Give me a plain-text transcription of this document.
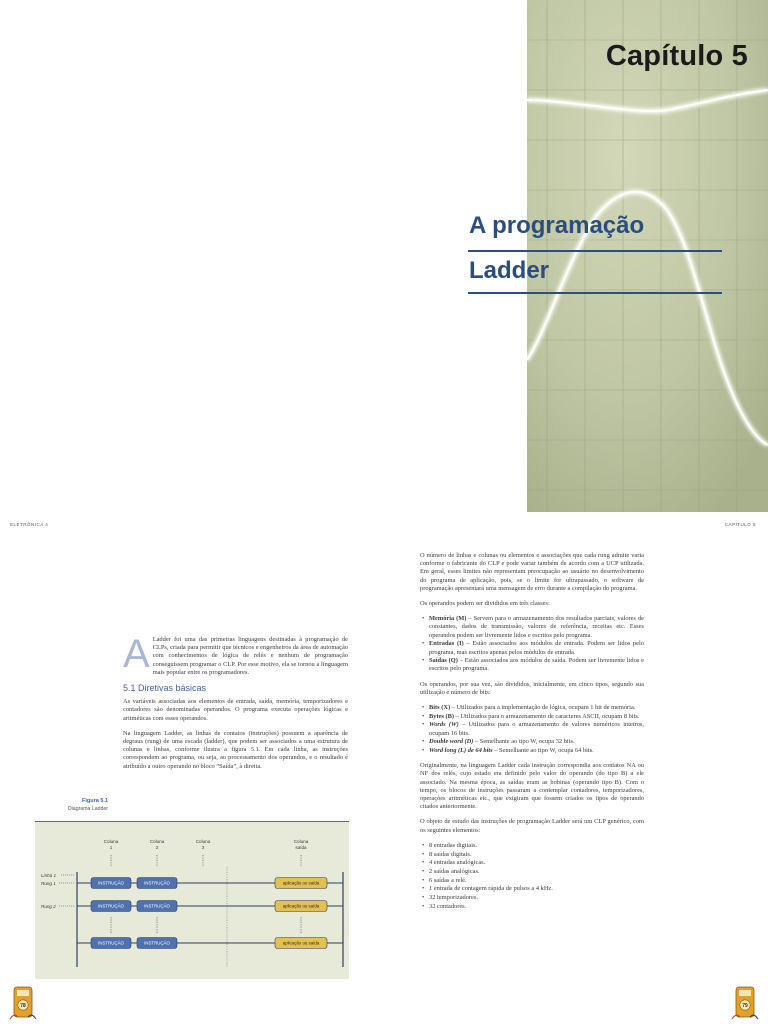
Capítulo 5
A programação
Ladder
ELETRÔNICA 4	CAPÍTULO 5

A Ladder foi uma das primeiras linguagens destinadas à programação de CLPs, criada para permitir que técnicos e engenheiros da área de automação com conhecimentos de lógica de relés e nenhum de programação conseguissem programar o CLP. Por esse motivo, ela se tornou a linguagem mais popular entre os programadores.

5.1 Diretivas básicas

As variáveis associadas aos elementos de entrada, saída, memória, temporizadores e contadores são denominadas operandos. O programa executa operações lógicas e aritméticas com esses operandos.

Na linguagem Ladder, as linhas de contatos (instruções) possuem a aparência de degraus (rung) de uma escada (ladder), que podem ser associados a uma estrutura de colunas e linhas, conforme ilustra a figura 5.1. Em cada linha, as instruções correspondem ao programa, ou seja, ao processamento dos operandos, e o resultado é atribuído a outro operando no bloco “Saída”, à direita.

Figura 5.1
Diagrama Ladder
Coluna 1
Coluna 2
Coluna 3
Coluna saída
Linha 1
Rung 1
Rung 2
INSTRUÇÃO	INSTRUÇÃO	aplicação ou saída
INSTRUÇÃO	INSTRUÇÃO	aplicação ou saída
INSTRUÇÃO	INSTRUÇÃO	aplicação ou saída

O número de linhas e colunas ou elementos e associações que cada rung admite varia conforme o fabricante do CLP e pode variar também de acordo com a UCP utilizada. Em geral, esses limites não representam preocupação ao usuário no desenvolvimento do programa de aplicação, pois, se o limite for ultrapassado, o software de programação apresentará uma mensagem de erro durante a compilação do programa.

Os operandos podem ser divididos em três classes:

• Memória (M) – Servem para o armazenamento dos resultados parciais, valores de constantes, dados de transmissão, valores de referência, receitas etc. Esses operandos podem ser livremente lidos e escritos pelo programa.
• Entradas (I) – Estão associados aos módulos de entrada. Podem ser lidos pelo programa, mas escritos apenas pelos módulos de entrada.
• Saídas (Q) – Estão associados aos módulos de saída. Podem ser livremente lidos e escritos pelo programa.

Os operandos, por sua vez, são divididos, inicialmente, em cinco tipos, segundo sua utilização e número de bits:

• Bits (X) – Utilizados para a implementação de lógica, ocupam 1 bit de memória.
• Bytes (B) – Utilizados para o armazenamento de caracteres ASCII, ocupam 8 bits.
• Words (W) – Utilizados para o armazenamento de valores numéricos inteiros, ocupam 16 bits.
• Double word (D) – Semelhante ao tipo W, ocupa 32 bits.
• Word long (L) de 64 bits – Semelhante ao tipo W, ocupa 64 bits.

Originalmente, na linguagem Ladder cada instrução correspondia aos contatos NA ou NF dos relés, cujo estado era definido pelo valor do operando (do tipo B) a ele associado. Na mesma época, as saídas eram as bobinas (operando tipo B). Com o tempo, os blocos de instruções passaram a contemplar contadores, temporizadores, operações aritméticas etc., que exigiram que fossem criados os tipos de operando citados anteriormente.

O objeto de estudo das instruções de programação Ladder será um CLP genérico, com os seguintes elementos:

• 8 entradas digitais.
• 8 saídas digitais.
• 4 entradas analógicas.
• 2 saídas analógicas.
• 6 saídas a relé.
• 1 entrada de contagem rápida de pulsos a 4 kHz.
• 32 temporizadores.
• 32 contadores.
78	79
